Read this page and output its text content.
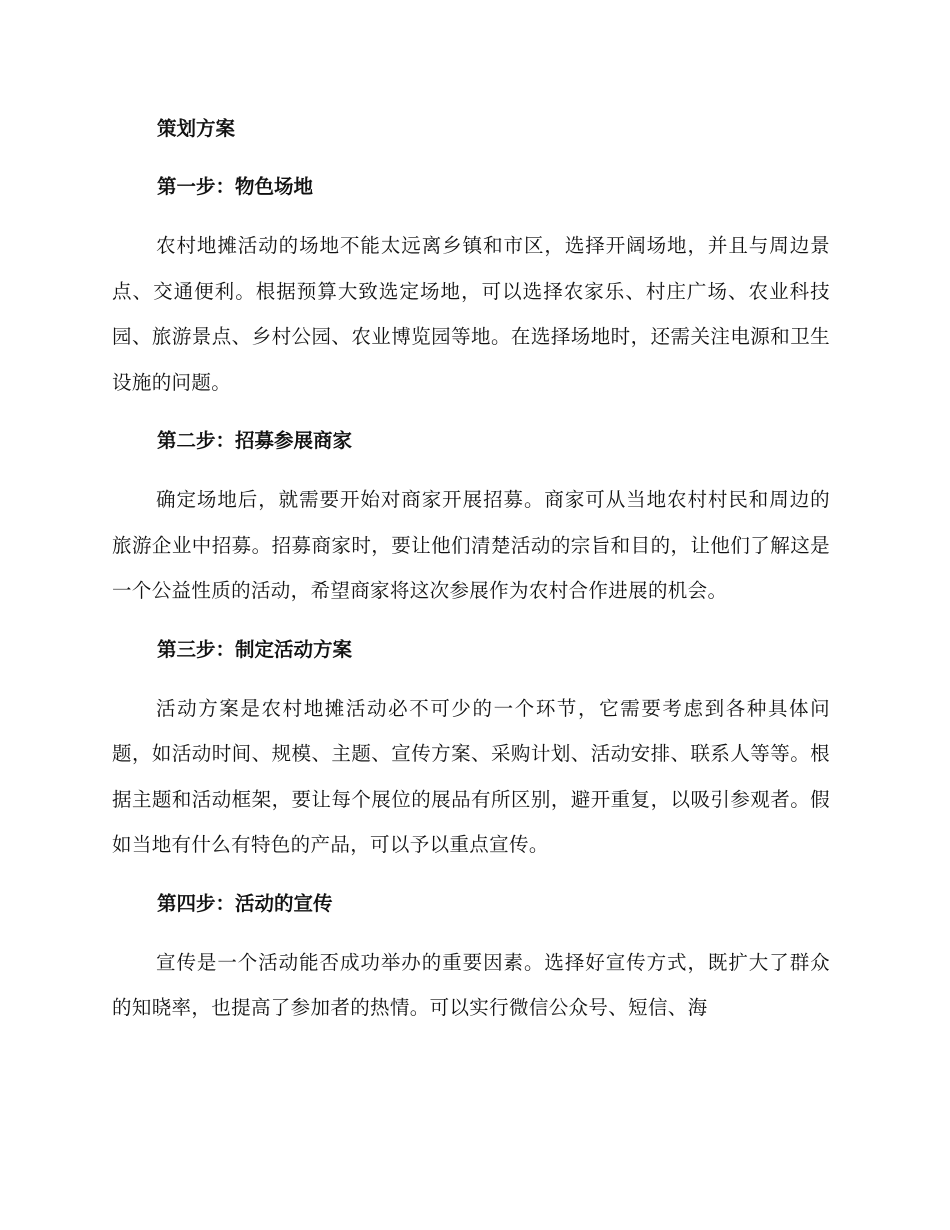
策划方案
第一步：物色场地

农村地摊活动的场地不能太远离乡镇和市区，选择开阔场地，并且与周边景点、交通便利。根据预算大致选定场地，可以选择农家乐、村庄广场、农业科技园、旅游景点、乡村公园、农业博览园等地。在选择场地时，还需关注电源和卫生设施的问题。

第二步：招募参展商家

确定场地后，就需要开始对商家开展招募。商家可从当地农村村民和周边的旅游企业中招募。招募商家时，要让他们清楚活动的宗旨和目的，让他们了解这是一个公益性质的活动，希望商家将这次参展作为农村合作进展的机会。

第三步：制定活动方案

活动方案是农村地摊活动必不可少的一个环节，它需要考虑到各种具体问题，如活动时间、规模、主题、宣传方案、采购计划、活动安排、联系人等等。根据主题和活动框架，要让每个展位的展品有所区别，避开重复，以吸引参观者。假如当地有什么有特色的产品，可以予以重点宣传。

第四步：活动的宣传

宣传是一个活动能否成功举办的重要因素。选择好宣传方式，既扩大了群众的知晓率，也提高了参加者的热情。可以实行微信公众号、短信、海
